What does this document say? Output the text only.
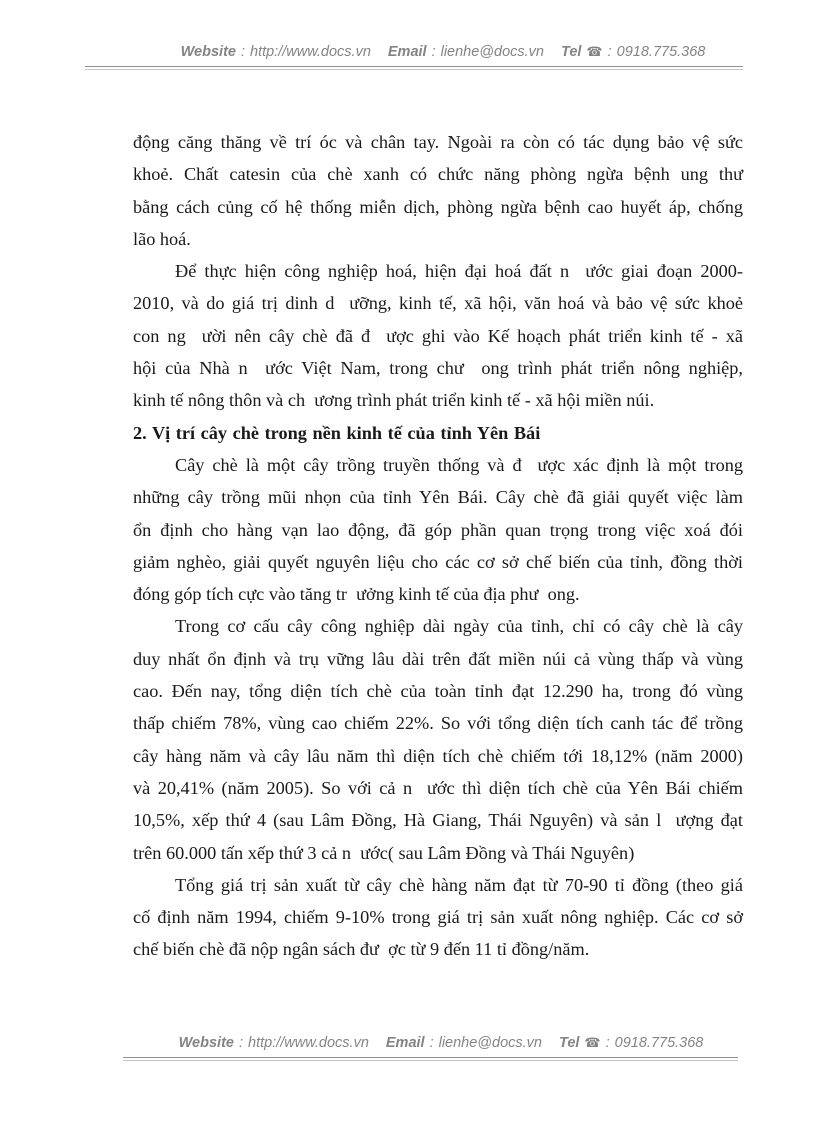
Website : http://www.docs.vn Email : lienhe@docs.vn Tel ☎ : 0918.775.368
động căng thăng về trí óc và chân tay. Ngoài ra còn có tác dụng bảo vệ sức
khoẻ. Chất catesin của chè xanh có chức năng phòng ngừa bệnh ung thư
bằng cách củng cố hệ thống miễn dịch, phòng ngừa bệnh cao huyết áp, chống
lão hoá.
Để thực hiện công nghiệp hoá, hiện đại hoá đất n  ước giai đoạn 2000-
2010, và do giá trị dinh d  ưỡng, kinh tế, xã hội, văn hoá và bảo vệ sức khoẻ
con ng  ười nên cây chè đã đ  ược ghi vào Kế hoạch phát triển kinh tế - xã
hội của Nhà n  ước Việt Nam, trong chư  ong trình phát triển nông nghiệp,
kinh tế nông thôn và ch  ương trình phát triển kinh tế - xã hội miền núi.
2. Vị trí cây chè trong nền kinh tế của tỉnh Yên Bái
Cây chè là một cây trồng truyền thống và đ  ược xác định là một trong
những cây trồng mũi nhọn của tỉnh Yên Bái. Cây chè đã giải quyết việc làm
ổn định cho hàng vạn lao động, đã góp phần quan trọng trong việc xoá đói
giảm nghèo, giải quyết nguyên liệu cho các cơ sở chế biến của tỉnh, đồng thời
đóng góp tích cực vào tăng tr  ưởng kinh tế của địa phư  ong.
Trong cơ cấu cây công nghiệp dài ngày của tỉnh, chỉ có cây chè là cây
duy nhất ổn định và trụ vững lâu dài trên đất miền núi cả vùng thấp và vùng
cao. Đến nay, tổng diện tích chè của toàn tỉnh đạt 12.290 ha, trong đó vùng
thấp chiếm 78%, vùng cao chiếm 22%. So với tổng diện tích canh tác để trồng
cây hàng năm và cây lâu năm thì diện tích chè chiếm tới 18,12% (năm 2000)
và 20,41% (năm 2005). So với cả n  ước thì diện tích chè của Yên Bái chiếm
10,5%, xếp thứ 4 (sau Lâm Đồng, Hà Giang, Thái Nguyên) và sản l  ượng đạt
trên 60.000 tấn xếp thứ 3 cả n  ước( sau Lâm Đồng và Thái Nguyên)
Tổng giá trị sản xuất từ cây chè hàng năm đạt từ 70-90 tỉ đồng (theo giá
cố định năm 1994, chiếm 9-10% trong giá trị sản xuất nông nghiệp. Các cơ sở
chế biến chè đã nộp ngân sách đư  ợc từ 9 đến 11 tỉ đồng/năm.
Website : http://www.docs.vn Email : lienhe@docs.vn Tel ☎ : 0918.775.368
